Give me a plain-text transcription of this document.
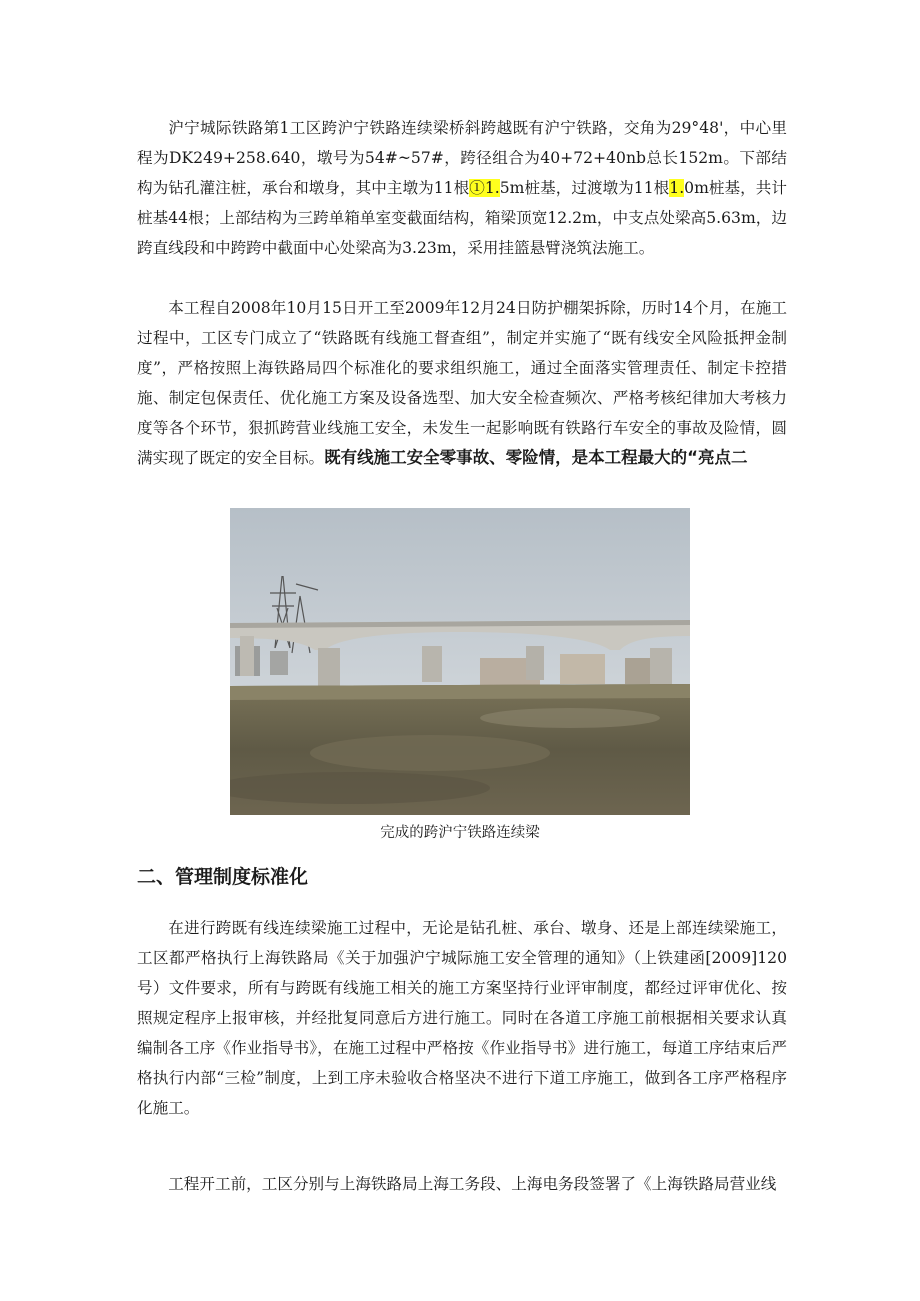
沪宁城际铁路第1工区跨沪宁铁路连续梁桥斜跨越既有沪宁铁路，交角为29°48'，中心里程为DK249+258.640，墩号为54#~57#，跨径组合为40+72+40nb总长152m。下部结构为钻孔灌注桩，承台和墩身，其中主墩为11根①1.5m桩基，过渡墩为11根1.0m桩基，共计桩基44根；上部结构为三跨单箱单室变截面结构，箱梁顶宽12.2m，中支点处梁高5.63m，边跨直线段和中跨跨中截面中心处梁高为3.23m，采用挂篮悬臂浇筑法施工。

本工程自2008年10月15日开工至2009年12月24日防护棚架拆除，历时14个月，在施工过程中，工区专门成立了“铁路既有线施工督查组”，制定并实施了“既有线安全风险抵押金制度”，严格按照上海铁路局四个标准化的要求组织施工，通过全面落实管理责任、制定卡控措施、制定包保责任、优化施工方案及设备选型、加大安全检查频次、严格考核纪律加大考核力度等各个环节，狠抓跨营业线施工安全，未发生一起影响既有铁路行车安全的事故及险情，圆满实现了既定的安全目标。既有线施工安全零事故、零险情，是本工程最大的“亮点二

完成的跨沪宁铁路连续梁
二、管理制度标准化

在进行跨既有线连续梁施工过程中，无论是钻孔桩、承台、墩身、还是上部连续梁施工，工区都严格执行上海铁路局《关于加强沪宁城际施工安全管理的通知》（上铁建函[2009]120号）文件要求，所有与跨既有线施工相关的施工方案坚持行业评审制度，都经过评审优化、按照规定程序上报审核，并经批复同意后方进行施工。同时在各道工序施工前根据相关要求认真编制各工序《作业指导书》，在施工过程中严格按《作业指导书》进行施工，每道工序结束后严格执行内部“三检”制度，上到工序未验收合格坚决不进行下道工序施工，做到各工序严格程序化施工。

工程开工前，工区分别与上海铁路局上海工务段、上海电务段签署了《上海铁路局营业线
